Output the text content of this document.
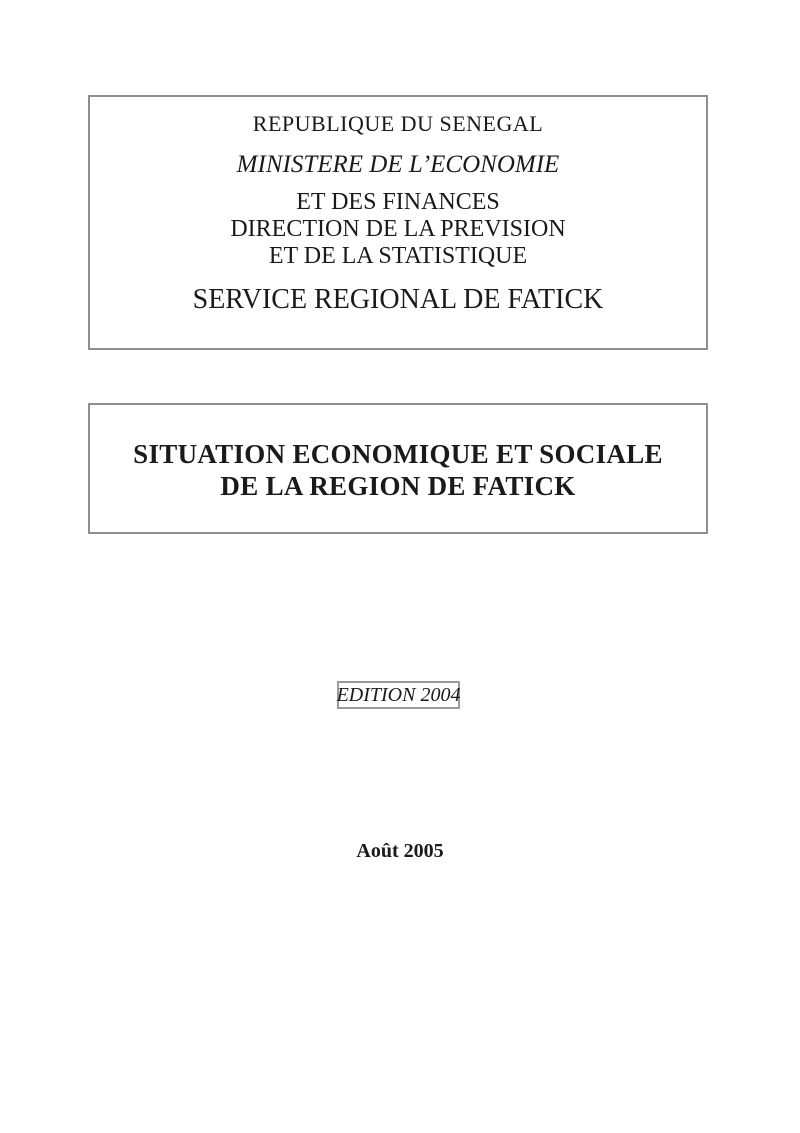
REPUBLIQUE DU SENEGAL

MINISTERE DE L’ECONOMIE

ET DES FINANCES

DIRECTION DE LA PREVISION

ET DE LA STATISTIQUE

SERVICE REGIONAL DE FATICK

SITUATION ECONOMIQUE ET SOCIALE
DE LA REGION DE FATICK
EDITION 2004
Août 2005
